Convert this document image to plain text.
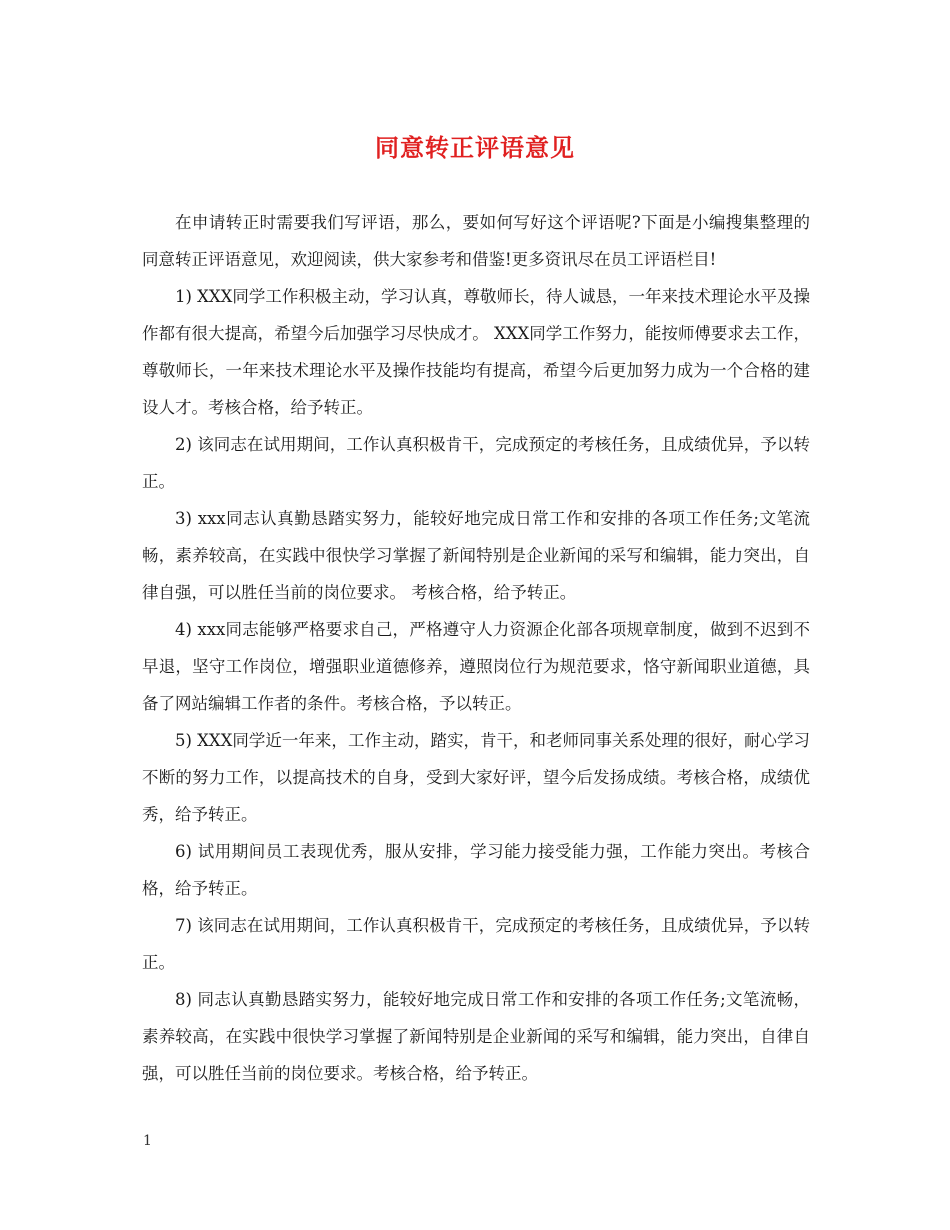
同意转正评语意见

在申请转正时需要我们写评语，那么，要如何写好这个评语呢?下面是小编搜集整理的同意转正评语意见，欢迎阅读，供大家参考和借鉴!更多资讯尽在员工评语栏目!

1) XXX同学工作积极主动，学习认真，尊敬师长，待人诚恳，一年来技术理论水平及操作都有很大提高，希望今后加强学习尽快成才。 XXX同学工作努力，能按师傅要求去工作，尊敬师长，一年来技术理论水平及操作技能均有提高，希望今后更加努力成为一个合格的建设人才。考核合格，给予转正。

2) 该同志在试用期间，工作认真积极肯干，完成预定的考核任务，且成绩优异，予以转正。

3) xxx同志认真勤恳踏实努力，能较好地完成日常工作和安排的各项工作任务;文笔流畅，素养较高，在实践中很快学习掌握了新闻特别是企业新闻的采写和编辑，能力突出，自律自强，可以胜任当前的岗位要求。 考核合格，给予转正。

4) xxx同志能够严格要求自己，严格遵守人力资源企化部各项规章制度，做到不迟到不早退，坚守工作岗位，增强职业道德修养，遵照岗位行为规范要求，恪守新闻职业道德，具备了网站编辑工作者的条件。考核合格，予以转正。

5) XXX同学近一年来，工作主动，踏实，肯干，和老师同事关系处理的很好，耐心学习不断的努力工作，以提高技术的自身，受到大家好评，望今后发扬成绩。考核合格，成绩优秀，给予转正。

6) 试用期间员工表现优秀，服从安排，学习能力接受能力强，工作能力突出。考核合格，给予转正。

7) 该同志在试用期间，工作认真积极肯干，完成预定的考核任务，且成绩优异，予以转正。

8) 同志认真勤恳踏实努力，能较好地完成日常工作和安排的各项工作任务;文笔流畅，素养较高，在实践中很快学习掌握了新闻特别是企业新闻的采写和编辑，能力突出，自律自强，可以胜任当前的岗位要求。考核合格，给予转正。

1
